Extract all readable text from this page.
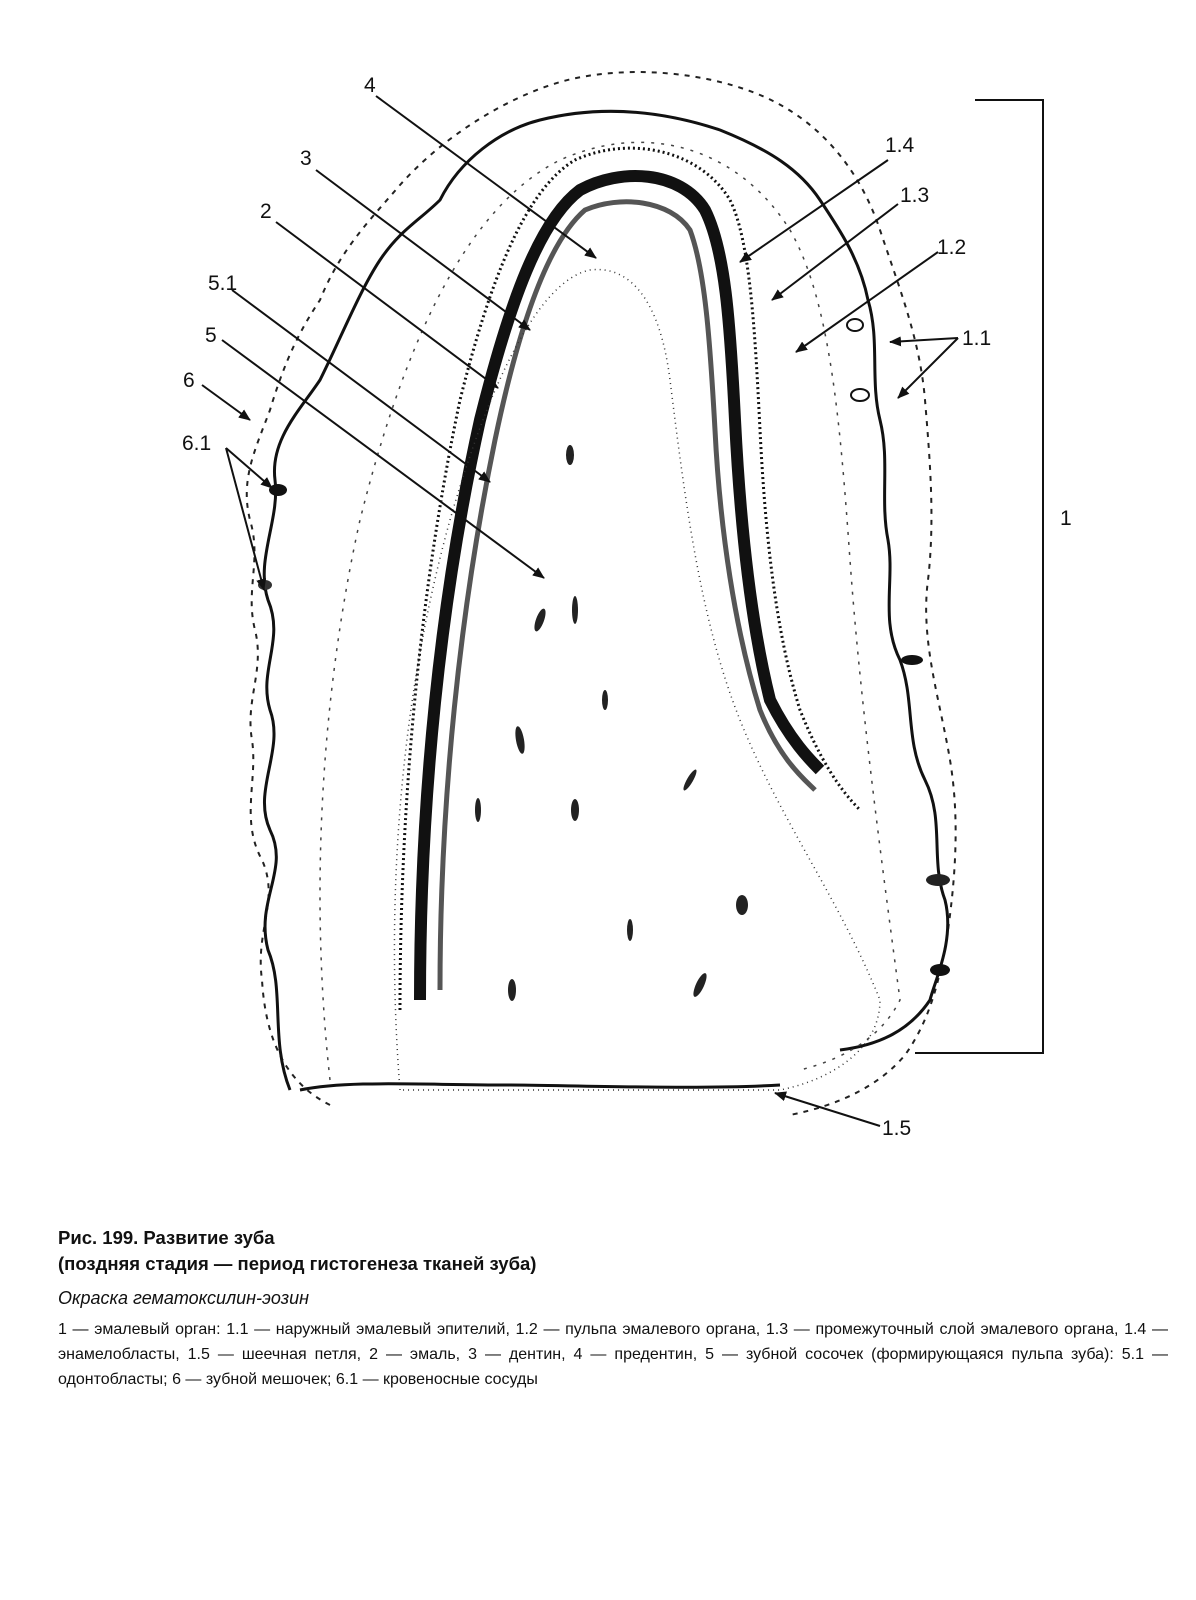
4
3
2
5.1
5
6
6.1
1.4
1.3
1.2
1.1
1
1.5

Рис. 199. Развитие зуба

(поздняя стадия — период гистогенеза тканей зуба)

Окраска гематоксилин-эозин

1 — эмалевый орган: 1.1 — наружный эмалевый эпителий, 1.2 — пульпа эмалевого органа, 1.3 — промежуточный слой эмалевого органа, 1.4 — энамелобласты, 1.5 — шеечная петля, 2 — эмаль, 3 — дентин, 4 — предентин, 5 — зубной сосочек (формирующаяся пульпа зуба): 5.1 — одонтобласты; 6 — зубной мешочек; 6.1 — кровеносные сосуды
